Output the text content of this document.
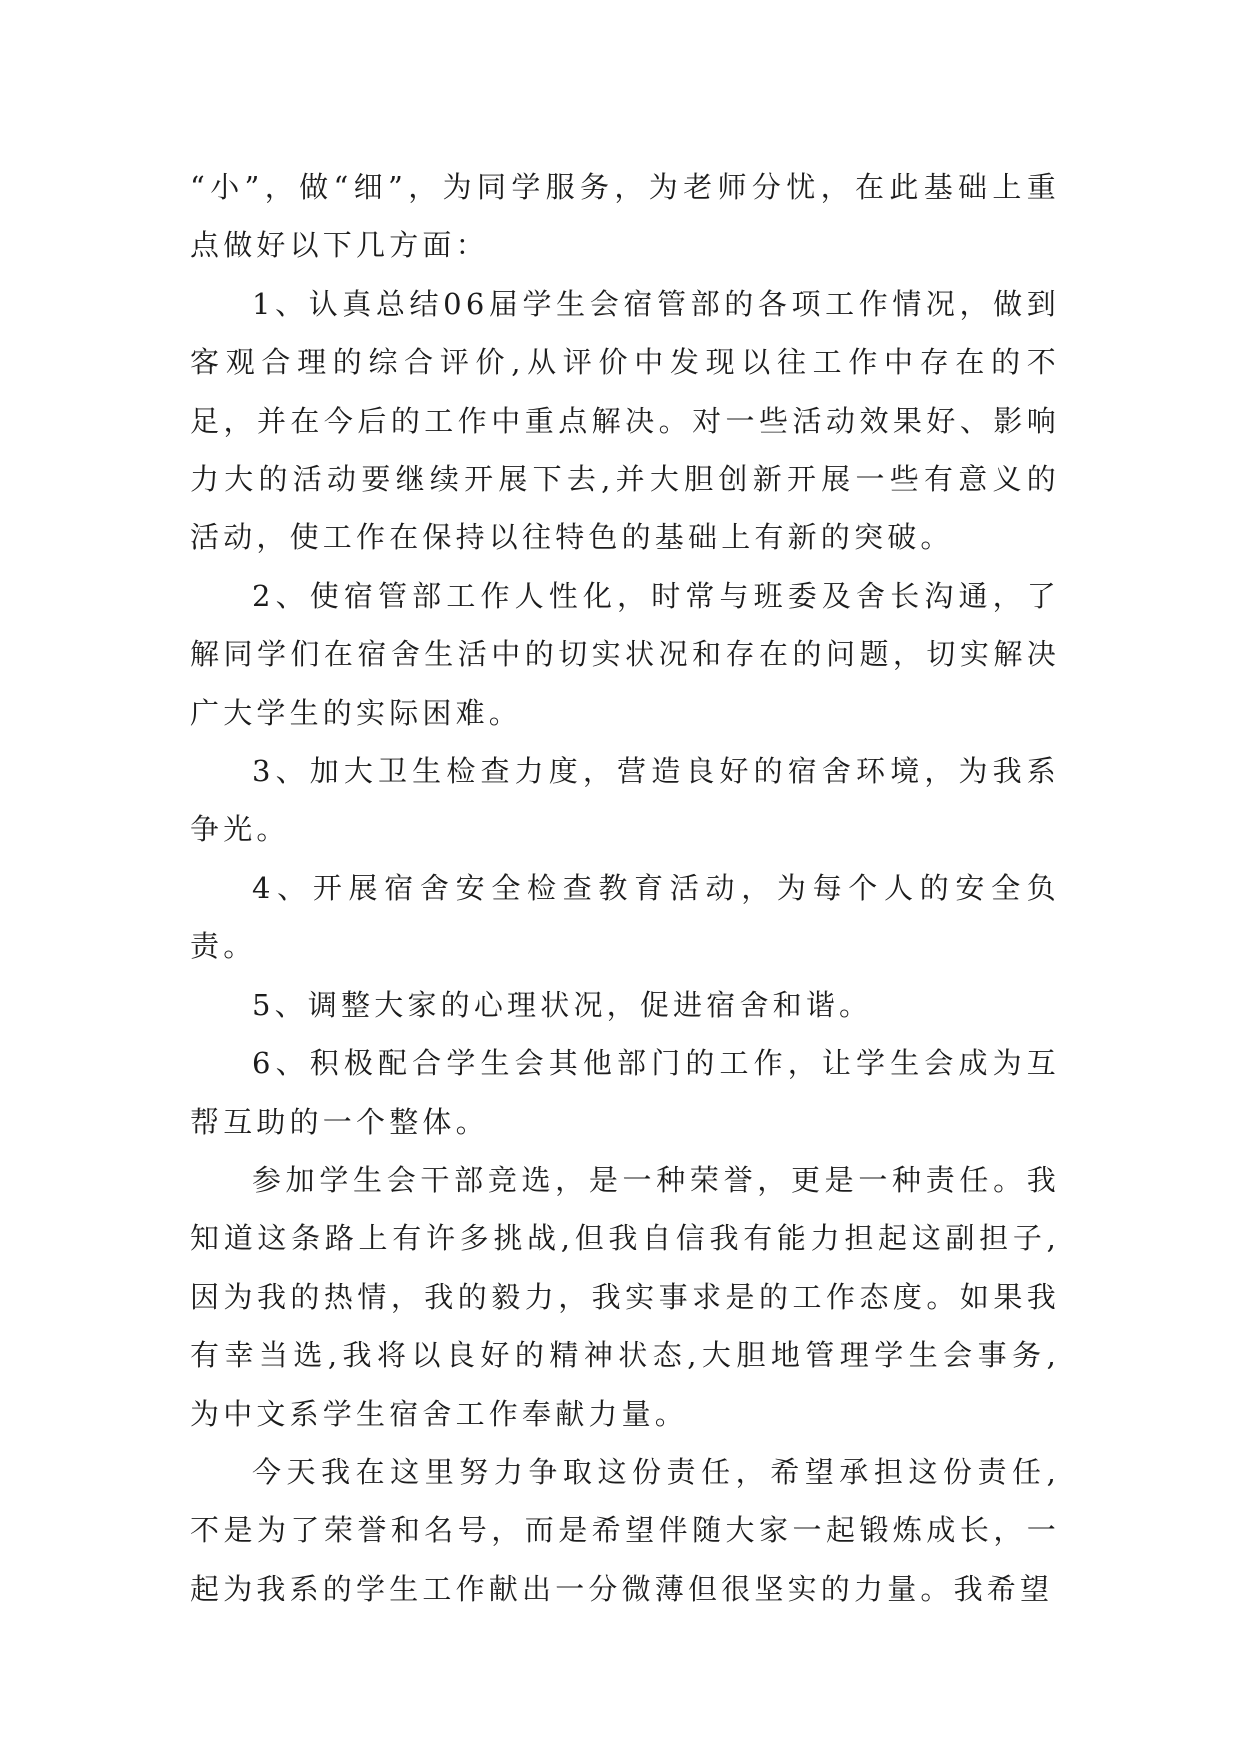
“小”，做“细”，为同学服务，为老师分忧，在此基础上重点做好以下几方面：

1、认真总结06届学生会宿管部的各项工作情况，做到客观合理的综合评价,从评价中发现以往工作中存在的不足，并在今后的工作中重点解决。对一些活动效果好、影响力大的活动要继续开展下去,并大胆创新开展一些有意义的活动，使工作在保持以往特色的基础上有新的突破。

2、使宿管部工作人性化，时常与班委及舍长沟通，了解同学们在宿舍生活中的切实状况和存在的问题，切实解决广大学生的实际困难。

3、加大卫生检查力度，营造良好的宿舍环境，为我系争光。

4、开展宿舍安全检查教育活动，为每个人的安全负责。

5、调整大家的心理状况，促进宿舍和谐。

6、积极配合学生会其他部门的工作，让学生会成为互帮互助的一个整体。

参加学生会干部竞选，是一种荣誉，更是一种责任。我知道这条路上有许多挑战,但我自信我有能力担起这副担子,因为我的热情，我的毅力，我实事求是的工作态度。如果我有幸当选,我将以良好的精神状态,大胆地管理学生会事务,为中文系学生宿舍工作奉献力量。

今天我在这里努力争取这份责任，希望承担这份责任,不是为了荣誉和名号，而是希望伴随大家一起锻炼成长，一起为我系的学生工作献出一分微薄但很坚实的力量。我希望
